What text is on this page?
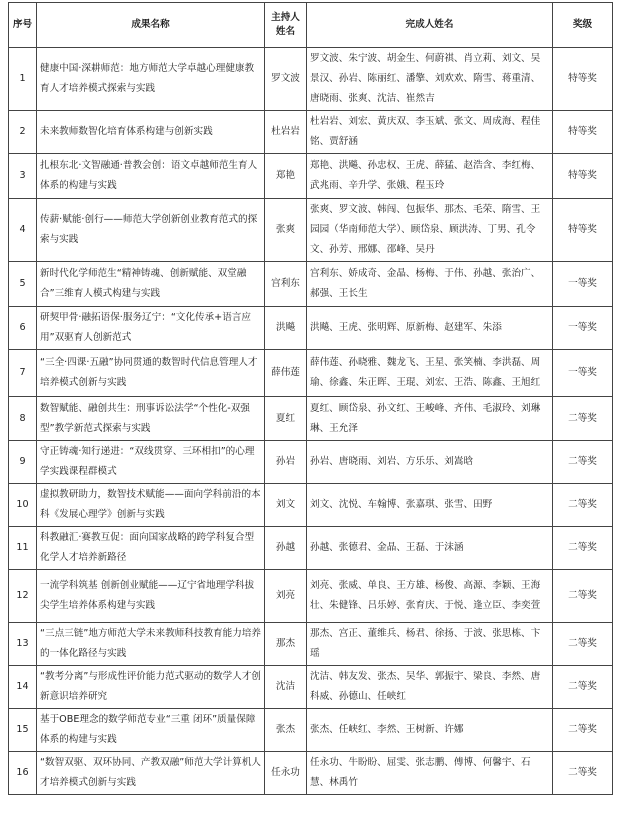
序号	成果名称	主持人姓名	完成人姓名	奖级

1	健康中国·深耕师范：地方师范大学卓越心理健康教育人才培养模式探索与实践	罗文波	罗文波、朱宁波、胡金生、何蔚祺、肖立莉、刘文、吴景汉、孙岩、陈丽红、潘擎、刘欢欢、隋雪、蒋重清、唐晓雨、张爽、沈洁、崔然吉	特等奖

2	未来教师数智化培育体系构建与创新实践	杜岩岩	杜岩岩、刘宏、黄庆双、李玉斌、张文、周成海、程佳铭、贾舒涵	特等奖

3	扎根东北·文智融通·普教会创：语文卓越师范生育人体系的构建与实践	郑艳	郑艳、洪飚、孙忠权、王虎、薛猛、赵浩含、李红梅、武兆雨、辛升学、张娥、程玉玲	特等奖

4	传薪·赋能·创行——师范大学创新创业教育范式的探索与实践	张爽	张爽、罗文波、韩闯、包振华、那杰、毛荣、隋雪、王园园（华南师范大学）、顾岱泉、顾洪涛、丁男、孔令文、孙芳、邢娜、邵峰、吴丹	特等奖

5	新时代化学师范生“精神铸魂、创新赋能、双堂融合”三维育人模式构建与实践	宫利东	宫利东、娇成奇、金晶、杨梅、于伟、孙越、张治广、郝强、王长生	一等奖

6	研契甲骨·融拓语保·服务辽宁：“文化传承+语言应用”双驱育人创新范式	洪飚	洪飚、王虎、张明辉、原新梅、赵建军、朱添	一等奖

7	“三全·四课·五融”协同贯通的数智时代信息管理人才培养模式创新与实践	薛伟莲	薛伟莲、孙晓雅、魏龙飞、王星、张笑楠、李洪磊、周瑜、徐鑫、朱正晖、王琨、刘宏、王浩、陈鑫、王旭红	一等奖

8	数智赋能、融创共生：刑事诉讼法学“个性化-双强型”教学新范式探索与实践	夏红	夏红、顾岱泉、孙文红、王峻峰、齐伟、毛淑玲、刘琳琳、王允泽	二等奖

9	守正铸魂·知行递进：“双线贯穿、三环相扣”的心理学实践课程群模式	孙岩	孙岩、唐晓雨、刘岩、方乐乐、刘嵩晗	二等奖

10	虚拟教研助力，数智技术赋能——面向学科前沿的本科《发展心理学》创新与实践	刘文	刘文、沈悦、车翰博、张嘉琪、张雪、田野	二等奖

11	科教融汇·赛教互促：面向国家战略的跨学科复合型化学人才培养新路径	孙越	孙越、张德君、金晶、王磊、于沫涵	二等奖

12	一流学科筑基 创新创业赋能——辽宁省地理学科拔尖学生培养体系构建与实践	刘亮	刘亮、张威、单良、王方雄、杨俊、高源、李颖、王海壮、朱健锋、吕乐婷、张育庆、于悦、逢立臣、李奕萱	二等奖

13	“三点三链”地方师范大学未来教师科技教育能力培养的一体化路径与实践	那杰	那杰、宫正、董维兵、杨君、徐扬、于波、张思栋、卞瑶	二等奖

14	“教考分离”与形成性评价能力范式驱动的数学人才创新意识培养研究	沈洁	沈洁、韩友发、张杰、吴华、郭振宇、梁良、李然、唐科威、孙德山、任峡红	二等奖

15	基于OBE理念的数学师范专业“三重 闭环”质量保障体系的构建与实践	张杰	张杰、任峡红、李然、王树新、许娜	二等奖

16	“数智双驱、双环协同、产教双融”师范大学计算机人才培养模式创新与实践	任永功	任永功、牛盼盼、屈雯、张志鹏、傅博、何馨宇、石慧、林禹竹	二等奖
